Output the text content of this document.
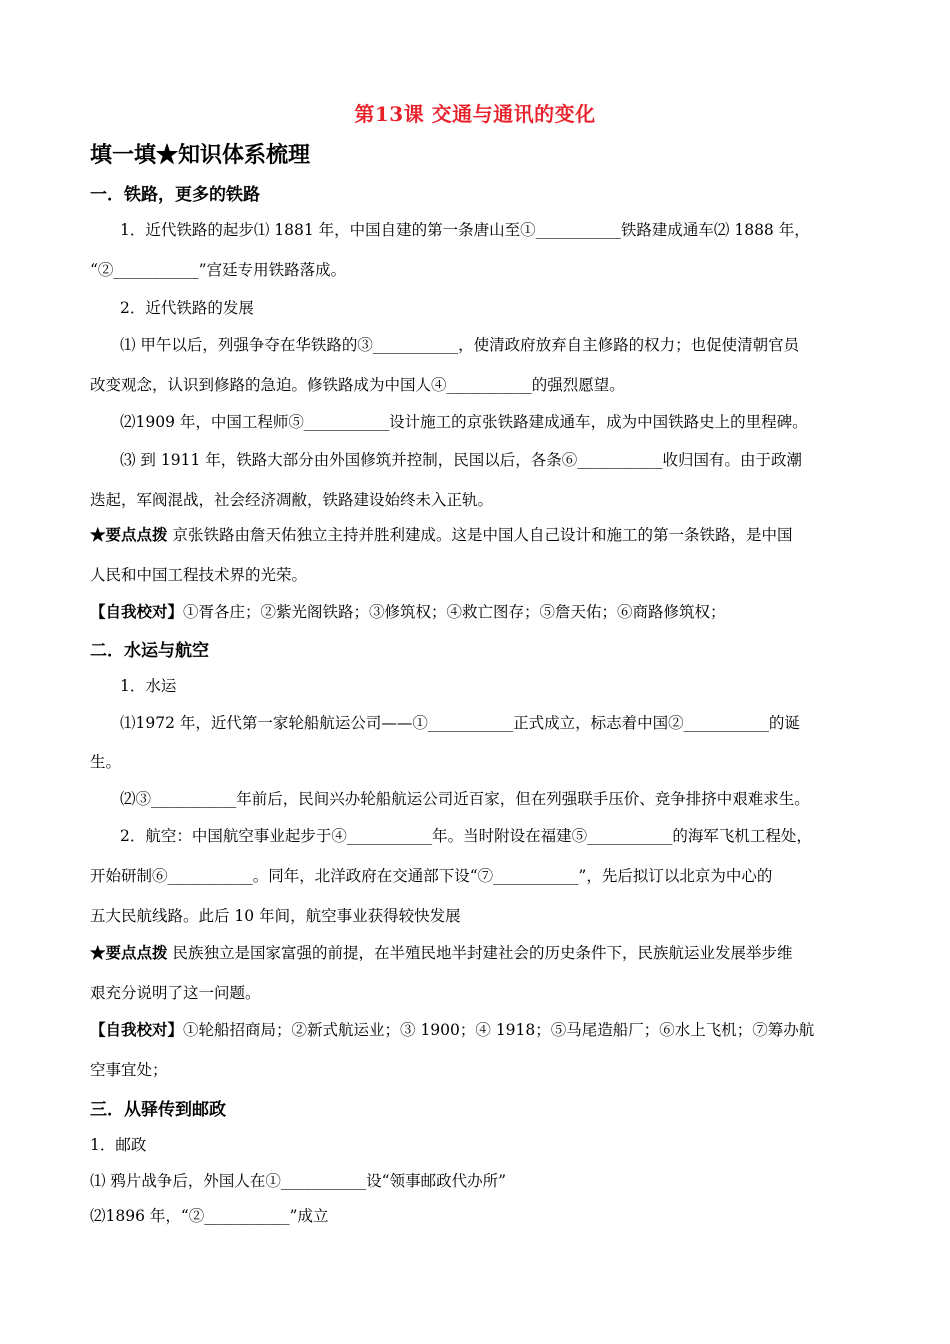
第13课 交通与通讯的变化
填一填★知识体系梳理
一．铁路，更多的铁路
1．近代铁路的起步⑴ 1881 年，中国自建的第一条唐山至①___________铁路建成通车⑵ 1888 年，
“②___________”宫廷专用铁路落成。
2．近代铁路的发展
⑴ 甲午以后，列强争夺在华铁路的③___________，使清政府放弃自主修路的权力；也促使清朝官员
改变观念，认识到修路的急迫。修铁路成为中国人④___________的强烈愿望。
⑵1909 年，中国工程师⑤___________设计施工的京张铁路建成通车，成为中国铁路史上的里程碑。
⑶ 到 1911 年，铁路大部分由外国修筑并控制，民国以后，各条⑥___________收归国有。由于政潮
迭起，军阀混战，社会经济凋敝，铁路建设始终未入正轨。
★要点点拨 京张铁路由詹天佑独立主持并胜利建成。这是中国人自己设计和施工的第一条铁路，是中国
人民和中国工程技术界的光荣。
【自我校对】①胥各庄；②紫光阁铁路；③修筑权；④救亡图存；⑤詹天佑；⑥商路修筑权；
二．水运与航空
1．水运
⑴1972 年，近代第一家轮船航运公司——①___________正式成立，标志着中国②___________的诞
生。
⑵③___________年前后，民间兴办轮船航运公司近百家，但在列强联手压价、竞争排挤中艰难求生。
2．航空：中国航空事业起步于④___________年。当时附设在福建⑤___________的海军飞机工程处，
开始研制⑥___________。同年，北洋政府在交通部下设“⑦___________”，先后拟订以北京为中心的
五大民航线路。此后 10 年间，航空事业获得较快发展
★要点点拨 民族独立是国家富强的前提，在半殖民地半封建社会的历史条件下，民族航运业发展举步维
艰充分说明了这一问题。
【自我校对】①轮船招商局；②新式航运业；③ 1900；④ 1918；⑤马尾造船厂；⑥水上飞机；⑦筹办航
空事宜处；
三．从驿传到邮政
1．邮政
⑴ 鸦片战争后，外国人在①___________设“领事邮政代办所”
⑵1896 年，“②___________”成立
